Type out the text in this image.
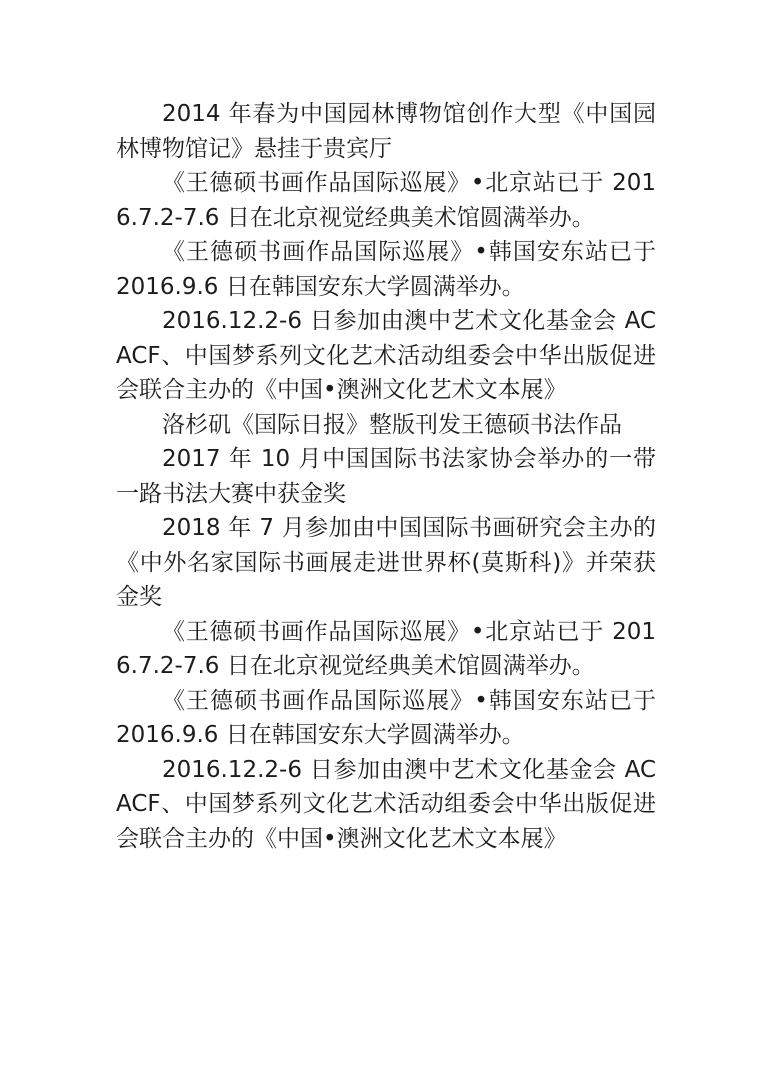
2014 年春为中国园林博物馆创作大型《中国园林博物馆记》悬挂于贵宾厅

《王德硕书画作品国际巡展》•北京站已于 2016.7.2-7.6 日在北京视觉经典美术馆圆满举办。

《王德硕书画作品国际巡展》•韩国安东站已于 2016.9.6 日在韩国安东大学圆满举办。

2016.12.2-6 日参加由澳中艺术文化基金会 ACACF、中国梦系列文化艺术活动组委会中华出版促进会联合主办的《中国•澳洲文化艺术文本展》

洛杉矶《国际日报》整版刊发王德硕书法作品

2017 年 10 月中国国际书法家协会举办的一带一路书法大赛中获金奖

2018 年 7 月参加由中国国际书画研究会主办的《中外名家国际书画展走进世界杯(莫斯科)》并荣获金奖

《王德硕书画作品国际巡展》•北京站已于 2016.7.2-7.6 日在北京视觉经典美术馆圆满举办。

《王德硕书画作品国际巡展》•韩国安东站已于 2016.9.6 日在韩国安东大学圆满举办。

2016.12.2-6 日参加由澳中艺术文化基金会 ACACF、中国梦系列文化艺术活动组委会中华出版促进会联合主办的《中国•澳洲文化艺术文本展》
